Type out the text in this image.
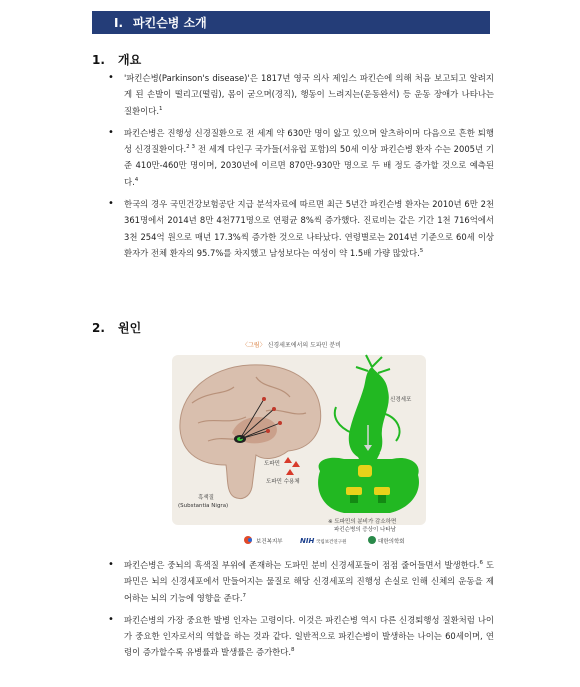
I. 파킨슨병 소개
1. 개요
• '파킨슨병(Parkinson's disease)'은 1817년 영국 의사 제임스 파킨슨에 의해 처음 보고되고 알려지게 된 손발이 떨리고(떨림), 몸이 굳으며(경직), 행동이 느려지는(운동완서) 등 운동 장애가 나타나는 질환이다.$^1$
• 파킨슨병은 진행성 신경질환으로 전 세계 약 630만 명이 앓고 있으며 알츠하이머 다음으로 흔한 퇴행성 신경질환이다.$^{2 3}$ 전 세계 다인구 국가들(서유럽 포함)의 50세 이상 파킨슨병 환자 수는 2005년 기준 410만-460만 명이며, 2030년에 이르면 870만-930만 명으로 두 배 정도 증가할 것으로 예측된다.$^4$
• 한국의 경우 국민건강보험공단 지급 분석자료에 따르면 최근 5년간 파킨슨병 환자는 2010년 6만 2천361명에서 2014년 8만 4천771명으로 연평균 8%씩 증가했다. 진료비는 같은 기간 1천 716억에서 3천 254억 원으로 매년 17.3%씩 증가한 것으로 나타났다. 연령별로는 2014년 기준으로 60세 이상 환자가 전체 환자의 95.7%를 차지했고 남성보다는 여성이 약 1.5배 가량 많았다.$^5$
2. 원인
〈그림〉 신경세포에서의 도파민 분비
흑색질
(Substantia Nigra)
신경세포
도파민
도파민 수용체
※ 도파민의 분비가 감소하면
파킨슨병의 증상이 나타남
보건복지부 NIH 국립보건연구원	대한의학회
• 파킨슨병은 중뇌의 흑색질 부위에 존재하는 도파민 분비 신경세포들이 점점 줄어들면서 발생한다.$^6$ 도파민은 뇌의 신경세포에서 만들어지는 물질로 해당 신경세포의 진행성 손실로 인해 신체의 운동을 제어하는 뇌의 기능에 영향을 준다.$^7$
• 파킨슨병의 가장 중요한 발병 인자는 고령이다. 이것은 파킨슨병 역시 다른 신경퇴행성 질환처럼 나이가 중요한 인자로서의 역할을 하는 것과 같다. 일반적으로 파킨슨병이 발생하는 나이는 60세이며, 연령이 증가할수록 유병률과 발생률은 증가한다.$^8$
